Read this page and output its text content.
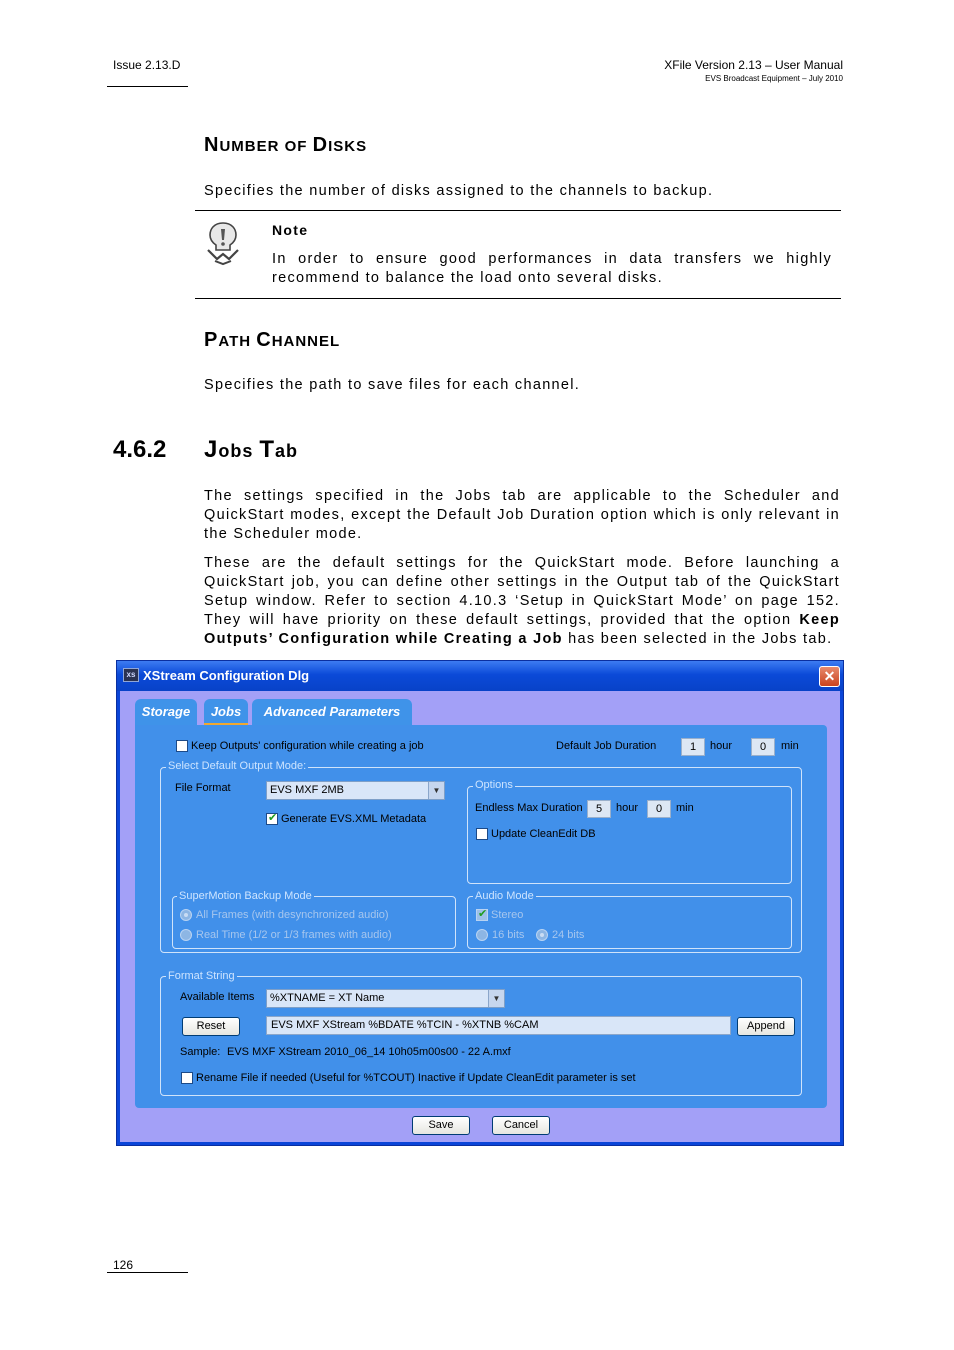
Issue 2.13.D	XFile Version 2.13 – User Manual
EVS Broadcast Equipment – July 2010
NUMBER OF DISKS
Specifies the number of disks assigned to the channels to backup.
Note
In order to ensure good performances in data transfers we highly recommend to balance the load onto several disks.
PATH CHANNEL
Specifies the path to save files for each channel.
4.6.2 Jobs Tab
The settings specified in the Jobs tab are applicable to the Scheduler and QuickStart modes, except the Default Job Duration option which is only relevant in the Scheduler mode.
These are the default settings for the QuickStart mode. Before launching a QuickStart job, you can define other settings in the Output tab of the QuickStart Setup window. Refer to section 4.10.3 ‘Setup in QuickStart Mode’ on page 152. They will have priority on these default settings, provided that the option Keep Outputs’ Configuration while Creating a Job has been selected in the Jobs tab.
xs XStream Configuration Dlg	✕
Storage	Jobs	Advanced Parameters
Keep Outputs' configuration while creating a job	Default Job Duration	1	hour	0	min
Select Default Output Mode:
File Format	EVS MXF 2MB	▼
✔
Generate EVS.XML Metadata
Options
Endless Max Duration	5	hour	0	min
Update CleanEdit DB
SuperMotion Backup Mode
All Frames (with desynchronized audio)
Real Time (1/2 or 1/3 frames with audio)
Audio Mode
✔
Stereo
16 bits	24 bits
Format String
Available Items	%XTNAME = XT Name	▼
Reset	EVS MXF XStream %BDATE %TCIN - %XTNB %CAM	Append
Sample: EVS MXF XStream 2010_06_14 10h05m00s00 - 22 A.mxf
Rename File if needed (Useful for %TCOUT) Inactive if Update CleanEdit parameter is set
Save	Cancel
126
